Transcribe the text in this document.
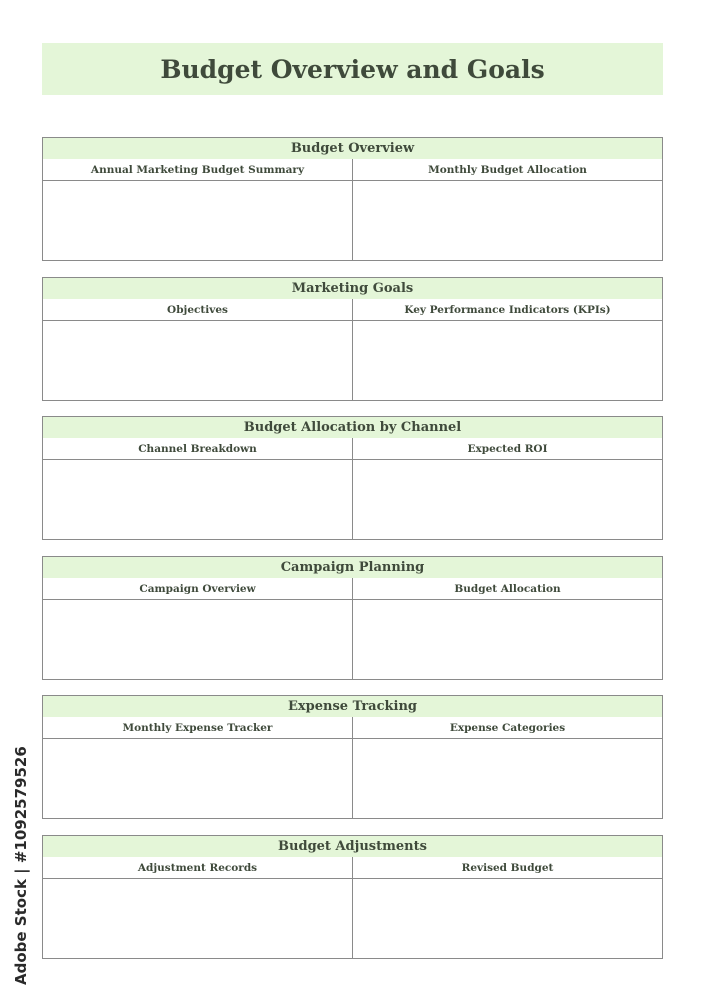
Budget Overview and Goals
Budget Overview
Annual Marketing Budget Summary	Monthly Budget Allocation
Marketing Goals
Objectives	Key Performance Indicators (KPIs)
Budget Allocation by Channel
Channel Breakdown	Expected ROI
Campaign Planning
Campaign Overview	Budget Allocation
Expense Tracking
Monthly Expense Tracker	Expense Categories
Budget Adjustments
Adjustment Records	Revised Budget
Adobe Stock | #1092579526
